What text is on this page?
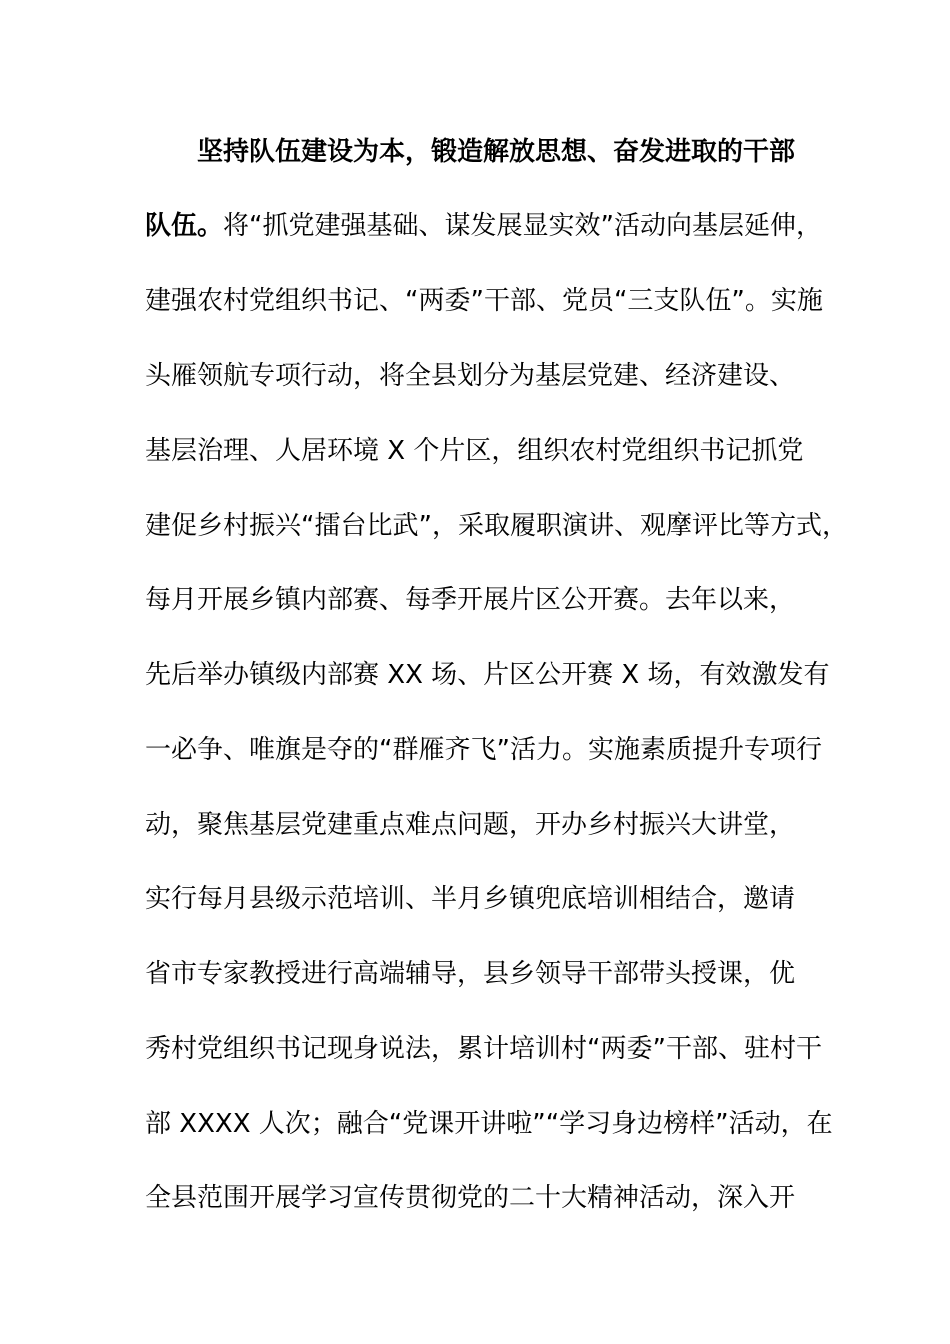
坚持队伍建设为本，锻造解放思想、奋发进取的干部
队伍。将“抓党建强基础、谋发展显实效”活动向基层延伸，
建强农村党组织书记、“两委”干部、党员“三支队伍”。实施
头雁领航专项行动，将全县划分为基层党建、经济建设、
基层治理、人居环境 X 个片区，组织农村党组织书记抓党
建促乡村振兴“擂台比武”，采取履职演讲、观摩评比等方式，
每月开展乡镇内部赛、每季开展片区公开赛。去年以来，
先后举办镇级内部赛 XX 场、片区公开赛 X 场，有效激发有
一必争、唯旗是夺的“群雁齐飞”活力。实施素质提升专项行
动，聚焦基层党建重点难点问题，开办乡村振兴大讲堂，
实行每月县级示范培训、半月乡镇兜底培训相结合，邀请
省市专家教授进行高端辅导，县乡领导干部带头授课，优
秀村党组织书记现身说法，累计培训村“两委”干部、驻村干
部 XXXX 人次；融合“党课开讲啦”“学习身边榜样”活动，在
全县范围开展学习宣传贯彻党的二十大精神活动，深入开
